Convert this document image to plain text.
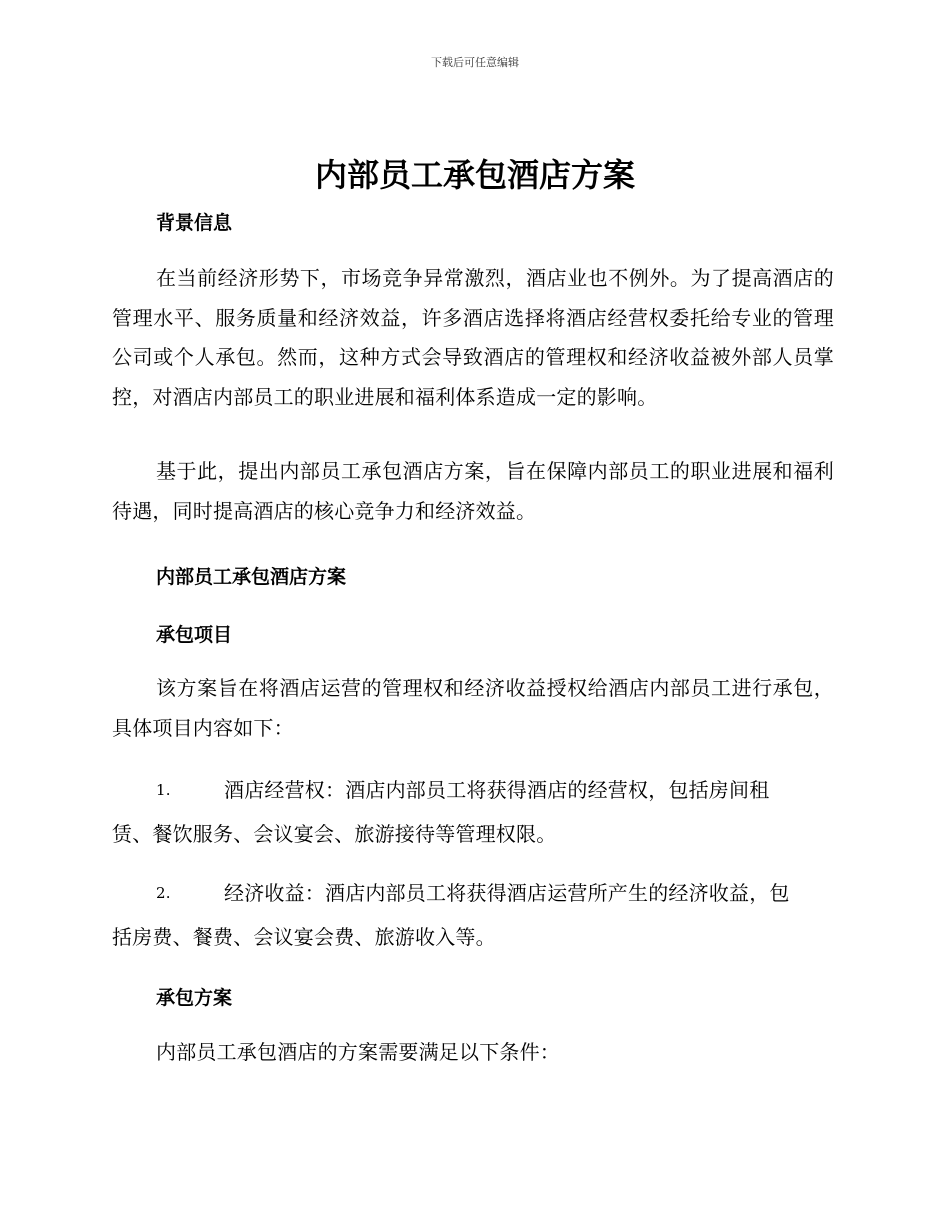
下载后可任意编辑
内部员工承包酒店方案
背景信息
在当前经济形势下，市场竞争异常激烈，酒店业也不例外。为了提高酒店的管理水平、服务质量和经济效益，许多酒店选择将酒店经营权委托给专业的管理公司或个人承包。然而，这种方式会导致酒店的管理权和经济收益被外部人员掌控，对酒店内部员工的职业进展和福利体系造成一定的影响。
基于此，提出内部员工承包酒店方案，旨在保障内部员工的职业进展和福利待遇，同时提高酒店的核心竞争力和经济效益。
内部员工承包酒店方案
承包项目
该方案旨在将酒店运营的管理权和经济收益授权给酒店内部员工进行承包，具体项目内容如下：
1.	酒店经营权：酒店内部员工将获得酒店的经营权，包括房间租
赁、餐饮服务、会议宴会、旅游接待等管理权限。
2.	经济收益：酒店内部员工将获得酒店运营所产生的经济收益，包
括房费、餐费、会议宴会费、旅游收入等。
承包方案
内部员工承包酒店的方案需要满足以下条件：
